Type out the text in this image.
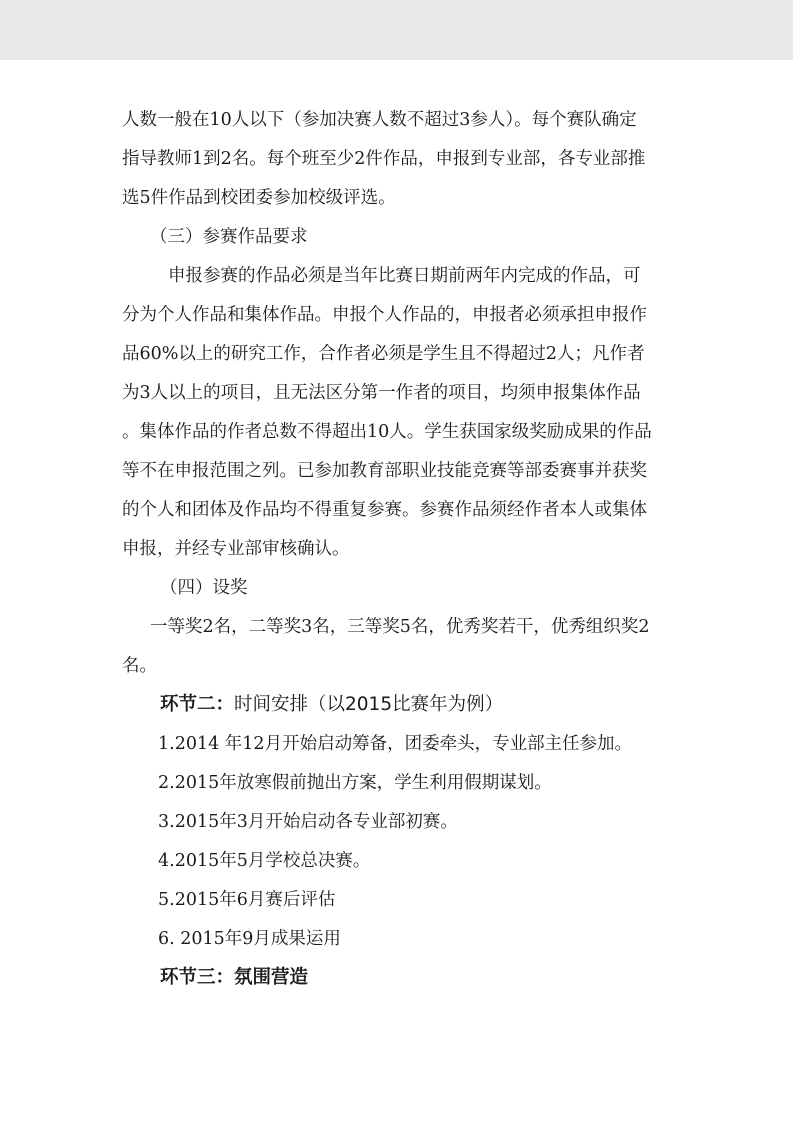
人数一般在10人以下（参加决赛人数不超过3参人）。每个赛队确定
指导教师1到2名。每个班至少2件作品，申报到专业部，各专业部推
选5件作品到校团委参加校级评选。
（三）参赛作品要求
申报参赛的作品必须是当年比赛日期前两年内完成的作品，可
分为个人作品和集体作品。申报个人作品的，申报者必须承担申报作
品60%以上的研究工作，合作者必须是学生且不得超过2人；凡作者
为3人以上的项目，且无法区分第一作者的项目，均须申报集体作品
。集体作品的作者总数不得超出10人。学生获国家级奖励成果的作品
等不在申报范围之列。已参加教育部职业技能竞赛等部委赛事并获奖
的个人和团体及作品均不得重复参赛。参赛作品须经作者本人或集体
申报，并经专业部审核确认。
（四）设奖
一等奖2名，二等奖3名，三等奖5名，优秀奖若干，优秀组织奖2
名。
环节二：时间安排（以2015比赛年为例）
1.2014 年12月开始启动筹备，团委牵头，专业部主任参加。
2.2015年放寒假前抛出方案，学生利用假期谋划。
3.2015年3月开始启动各专业部初赛。
4.2015年5月学校总决赛。
5.2015年6月赛后评估
6. 2015年9月成果运用
环节三：氛围营造
